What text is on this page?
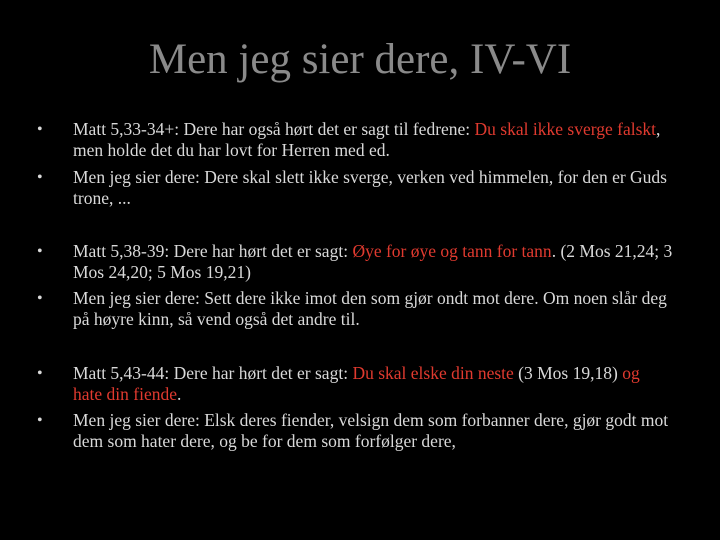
Men jeg sier dere, IV-VI
• Matt 5,33-34+: Dere har også hørt det er sagt til fedrene: Du skal ikke sverge falskt, men holde det du har lovt for Herren med ed.

• Men jeg sier dere: Dere skal slett ikke sverge, verken ved himmelen, for den er Guds trone, ...

• Matt 5,38-39: Dere har hørt det er sagt: Øye for øye og tann for tann. (2 Mos 21,24; 3 Mos 24,20; 5 Mos 19,21)

• Men jeg sier dere: Sett dere ikke imot den som gjør ondt mot dere. Om noen slår deg på høyre kinn, så vend også det andre til.

• Matt 5,43-44: Dere har hørt det er sagt: Du skal elske din neste (3 Mos 19,18) og hate din fiende.

• Men jeg sier dere: Elsk deres fiender, velsign dem som forbanner dere, gjør godt mot dem som hater dere, og be for dem som forfølger dere,
